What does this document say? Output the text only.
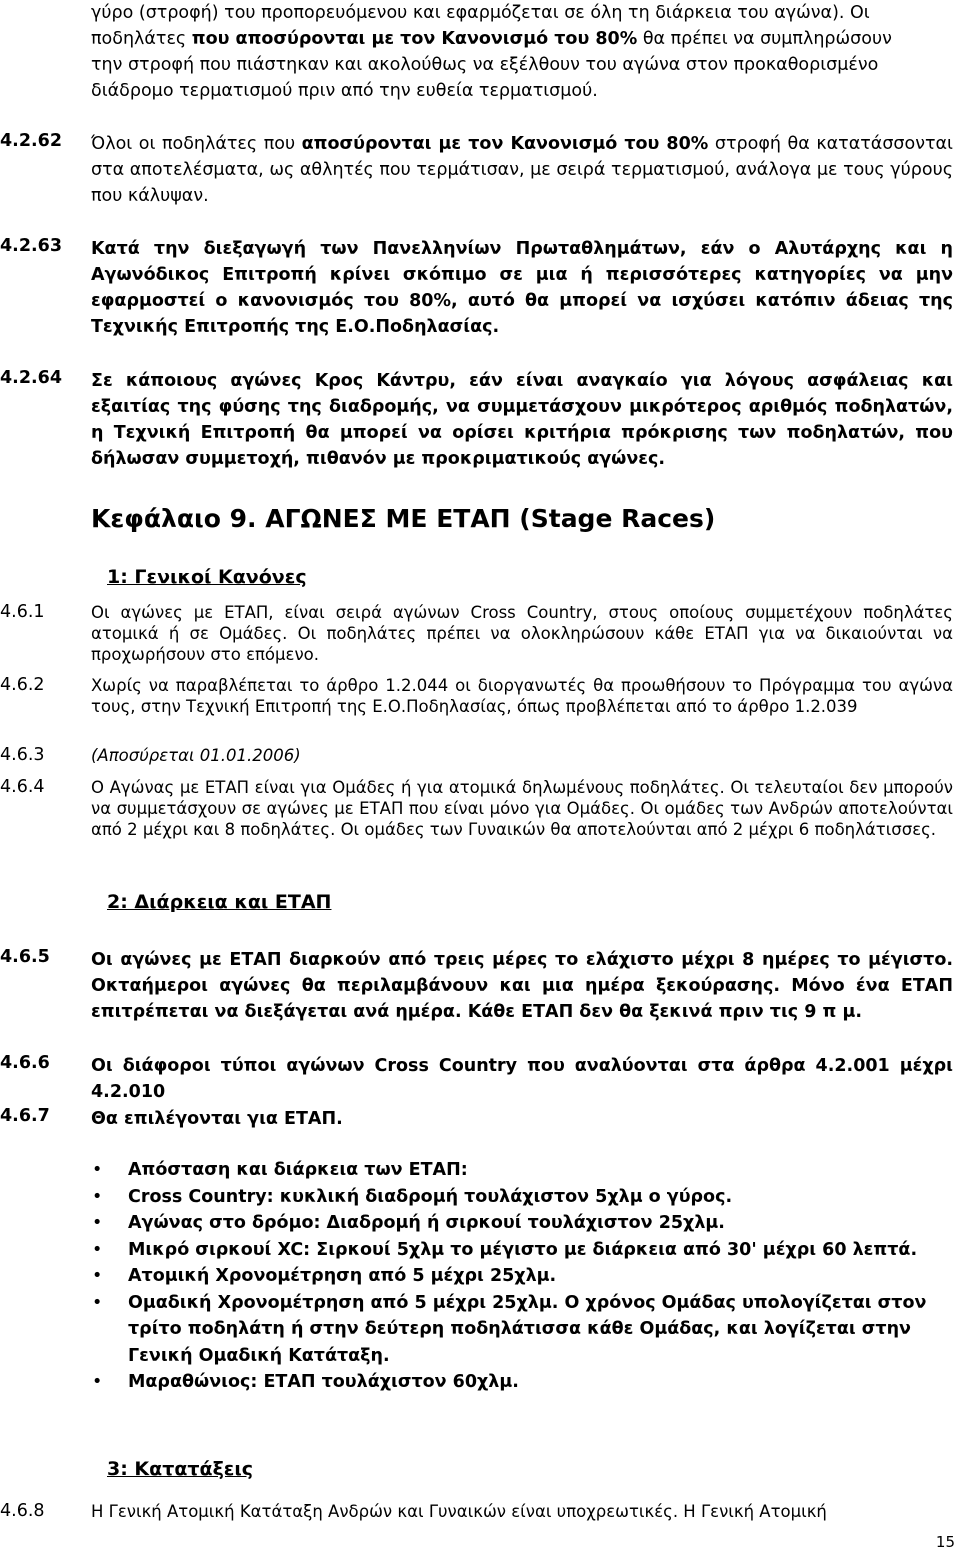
γύρο (στροφή) του προπορευόμενου και εφαρμόζεται σε όλη τη διάρκεια του αγώνα). Οι
ποδηλάτες που αποσύρονται με τον Κανονισμό του 80% θα πρέπει να συμπληρώσουν
την στροφή που πιάστηκαν και ακολούθως να εξέλθουν του αγώνα στον προκαθορισμένο
διάδρομο τερματισμού πριν από την ευθεία τερματισμού.
4.2.62 Όλοι οι ποδηλάτες που αποσύρονται με τον Κανονισμό του 80% στροφή θα κατατάσσονται στα αποτελέσματα, ως αθλητές που τερμάτισαν, με σειρά τερματισμού, ανάλογα με τους γύρους που κάλυψαν.
4.2.63 Κατά την διεξαγωγή των Πανελληνίων Πρωταθλημάτων, εάν ο Αλυτάρχης και η Αγωνόδικος Επιτροπή κρίνει σκόπιμο σε μια ή περισσότερες κατηγορίες να μην εφαρμοστεί ο κανονισμός του 80%, αυτό θα μπορεί να ισχύσει κατόπιν άδειας της Τεχνικής Επιτροπής της Ε.Ο.Ποδηλασίας.
4.2.64 Σε κάποιους αγώνες Κρος Κάντρυ, εάν είναι αναγκαίο για λόγους ασφάλειας και εξαιτίας της φύσης της διαδρομής, να συμμετάσχουν μικρότερος αριθμός ποδηλατών, η Τεχνική Επιτροπή θα μπορεί να ορίσει κριτήρια πρόκρισης των ποδηλατών, που δήλωσαν συμμετοχή, πιθανόν με προκριματικούς αγώνες.
Κεφάλαιο 9. ΑΓΩΝΕΣ ΜΕ ΕΤΑΠ (Stage Races)
1: Γενικοί Κανόνες
4.6.1	Οι αγώνες με ΕΤΑΠ, είναι σειρά αγώνων Cross Country, στους οποίους συμμετέχουν ποδηλάτες ατομικά ή σε Ομάδες. Οι ποδηλάτες πρέπει να ολοκληρώσουν κάθε ΕΤΑΠ για να δικαιούνται να προχωρήσουν στο επόμενο.
4.6.2	Χωρίς να παραβλέπεται το άρθρο 1.2.044 οι διοργανωτές θα προωθήσουν το Πρόγραμμα του αγώνα τους, στην Τεχνική Επιτροπή της Ε.Ο.Ποδηλασίας, όπως προβλέπεται από το άρθρο 1.2.039
4.6.3	(Αποσύρεται 01.01.2006)
4.6.4	Ο Αγώνας με ΕΤΑΠ είναι για Ομάδες ή για ατομικά δηλωμένους ποδηλάτες. Οι τελευταίοι δεν μπορούν να συμμετάσχουν σε αγώνες με ΕΤΑΠ που είναι μόνο για Ομάδες. Οι ομάδες των Ανδρών αποτελούνται από 2 μέχρι και 8 ποδηλάτες. Οι ομάδες των Γυναικών θα αποτελούνται από 2 μέχρι 6 ποδηλάτισσες.
2: Διάρκεια και ΕΤΑΠ
4.6.5 Οι αγώνες με ΕΤΑΠ διαρκούν από τρεις μέρες το ελάχιστο μέχρι 8 ημέρες το μέγιστο. Οκταήμεροι αγώνες θα περιλαμβάνουν και μια ημέρα ξεκούρασης. Μόνο ένα ΕΤΑΠ επιτρέπεται να διεξάγεται ανά ημέρα. Κάθε ΕΤΑΠ δεν θα ξεκινά πριν τις 9 π μ.
4.6.6 Οι διάφοροι τύποι αγώνων Cross Country που αναλύονται στα άρθρα 4.2.001 μέχρι 4.2.010
4.6.7 Θα επιλέγονται για ΕΤΑΠ.
• Απόσταση και διάρκεια των ΕΤΑΠ:
• Cross Country: κυκλική διαδρομή τουλάχιστον 5χλμ ο γύρος.
• Αγώνας στο δρόμο: Διαδρομή ή σιρκουί τουλάχιστον 25χλμ.
• Μικρό σιρκουί XC: Σιρκουί 5χλμ το μέγιστο με διάρκεια από 30' μέχρι 60 λεπτά.
• Ατομική Χρονομέτρηση από 5 μέχρι 25χλμ.
• Ομαδική Χρονομέτρηση από 5 μέχρι 25χλμ. Ο χρόνος Ομάδας υπολογίζεται στον τρίτο ποδηλάτη ή στην δεύτερη ποδηλάτισσα κάθε Ομάδας, και λογίζεται στην Γενική Ομαδική Κατάταξη.
• Μαραθώνιος: ΕΤΑΠ τουλάχιστον 60χλμ.
3: Κατατάξεις
4.6.8	Η Γενική Ατομική Κατάταξη Ανδρών και Γυναικών είναι υποχρεωτικές. Η Γενική Ατομική
15
